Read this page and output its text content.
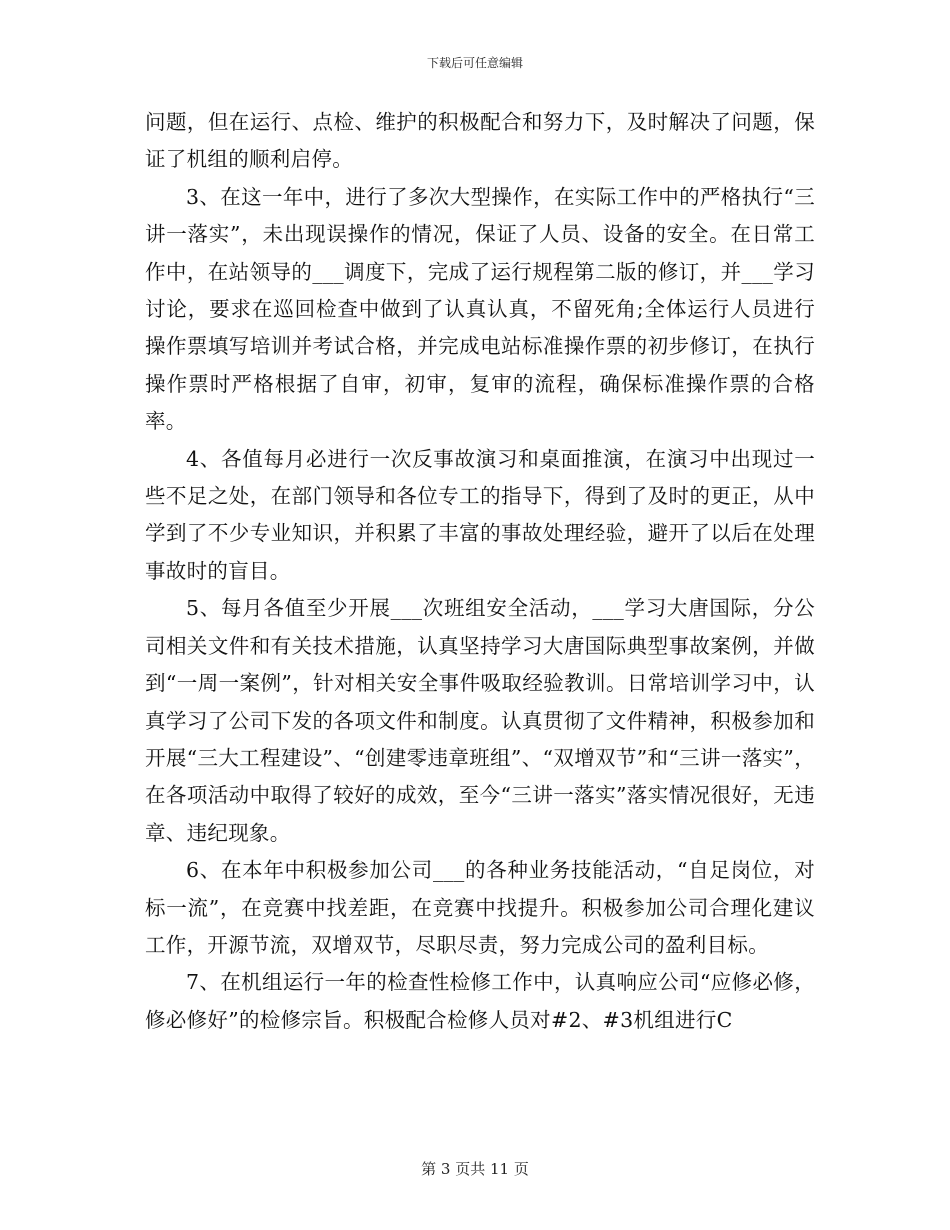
下载后可任意编辑

问题，但在运行、点检、维护的积极配合和努力下，及时解决了问题，保证了机组的顺利启停。

3、在这一年中，进行了多次大型操作，在实际工作中的严格执行“三讲一落实”，未出现误操作的情况，保证了人员、设备的安全。在日常工作中，在站领导的___调度下，完成了运行规程第二版的修订，并___学习讨论，要求在巡回检查中做到了认真认真，不留死角;全体运行人员进行操作票填写培训并考试合格，并完成电站标准操作票的初步修订，在执行操作票时严格根据了自审，初审，复审的流程，确保标准操作票的合格率。

4、各值每月必进行一次反事故演习和桌面推演，在演习中出现过一些不足之处，在部门领导和各位专工的指导下，得到了及时的更正，从中学到了不少专业知识，并积累了丰富的事故处理经验，避开了以后在处理事故时的盲目。

5、每月各值至少开展___次班组安全活动，___学习大唐国际，分公司相关文件和有关技术措施，认真坚持学习大唐国际典型事故案例，并做到“一周一案例”，针对相关安全事件吸取经验教训。日常培训学习中，认真学习了公司下发的各项文件和制度。认真贯彻了文件精神，积极参加和开展“三大工程建设”、“创建零违章班组”、“双增双节”和“三讲一落实”，在各项活动中取得了较好的成效，至今“三讲一落实”落实情况很好，无违章、违纪现象。

6、在本年中积极参加公司___的各种业务技能活动，“自足岗位，对标一流”，在竞赛中找差距，在竞赛中找提升。积极参加公司合理化建议工作，开源节流，双增双节，尽职尽责，努力完成公司的盈利目标。

7、在机组运行一年的检查性检修工作中，认真响应公司“应修必修，修必修好”的检修宗旨。积极配合检修人员对#2、#3机组进行C

第 3 页共 11 页
